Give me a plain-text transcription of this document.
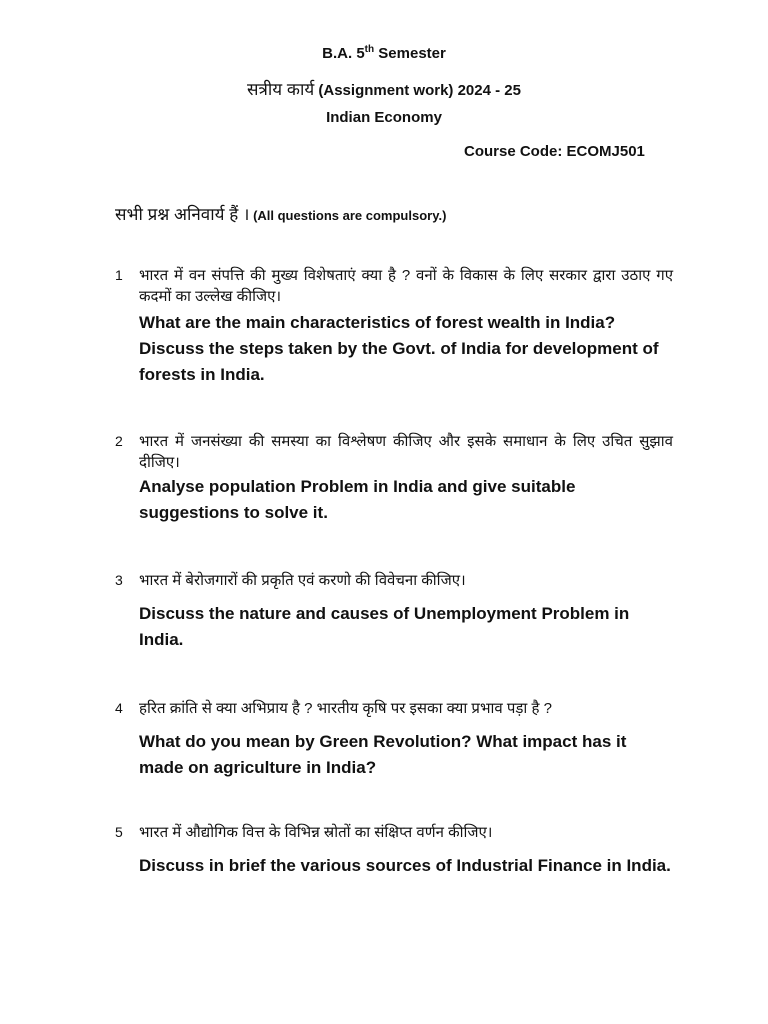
B.A. 5th Semester
सत्रीय कार्य (Assignment work) 2024 - 25
Indian Economy
Course Code: ECOMJ501
सभी प्रश्न अनिवार्य हैं । (All questions are compulsory.)
1	भारत में वन संपत्ति की मुख्य विशेषताएं क्या है ? वनों के विकास के लिए सरकार द्वारा उठाए गए कदमों का उल्लेख कीजिए।
What are the main characteristics of forest wealth in India? Discuss the steps taken by the Govt. of India for development of forests in India.
2	भारत में जनसंख्या की समस्या का विश्लेषण कीजिए और इसके समाधान के लिए उचित सुझाव दीजिए।
Analyse population Problem in India and give suitable suggestions to solve it.
3	भारत में बेरोजगारों की प्रकृति एवं करणो की विवेचना कीजिए।
Discuss the nature and causes of Unemployment Problem in India.
4	हरित क्रांति से क्या अभिप्राय है ? भारतीय कृषि पर इसका क्या प्रभाव पड़ा है ?
What do you mean by Green Revolution? What impact has it made on agriculture in India?
5	भारत में औद्योगिक वित्त के विभिन्न स्रोतों का संक्षिप्त वर्णन कीजिए।
Discuss in brief the various sources of Industrial Finance in India.
